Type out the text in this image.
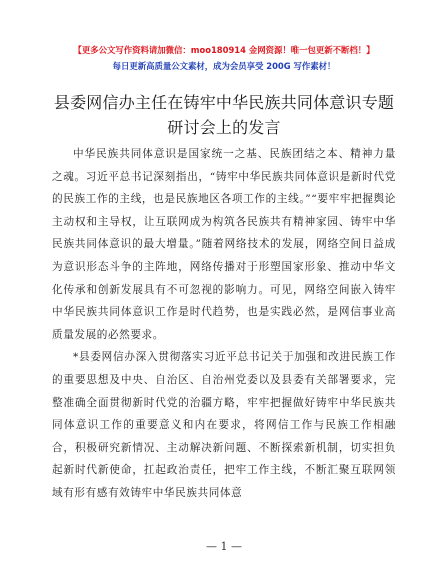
【更多公文写作资料请加微信：moo180914 金网资源！唯一包更新不断档！】
每日更新高质量公文素材，成为会员享受 200G 写作素材！
县委网信办主任在铸牢中华民族共同体意识专题研讨会上的发言

中华民族共同体意识是国家统一之基、民族团结之本、精神力量之魂。习近平总书记深刻指出，“铸牢中华民族共同体意识是新时代党的民族工作的主线，也是民族地区各项工作的主线。”“要牢牢把握舆论主动权和主导权，让互联网成为构筑各民族共有精神家园、铸牢中华民族共同体意识的最大增量。”随着网络技术的发展，网络空间日益成为意识形态斗争的主阵地，网络传播对于形塑国家形象、推动中华文化传承和创新发展具有不可忽视的影响力。可见，网络空间嵌入铸牢中华民族共同体意识工作是时代趋势，也是实践必然，是网信事业高质量发展的必然要求。

*县委网信办深入贯彻落实习近平总书记关于加强和改进民族工作的重要思想及中央、自治区、自治州党委以及县委有关部署要求，完整准确全面贯彻新时代党的治疆方略，牢牢把握做好铸牢中华民族共同体意识工作的重要意义和内在要求，将网信工作与民族工作相融合，积极研究新情况、主动解决新问题、不断探索新机制，切实担负起新时代新使命，扛起政治责任，把牢工作主线，不断汇聚互联网领域有形有感有效铸牢中华民族共同体意

— 1 —
